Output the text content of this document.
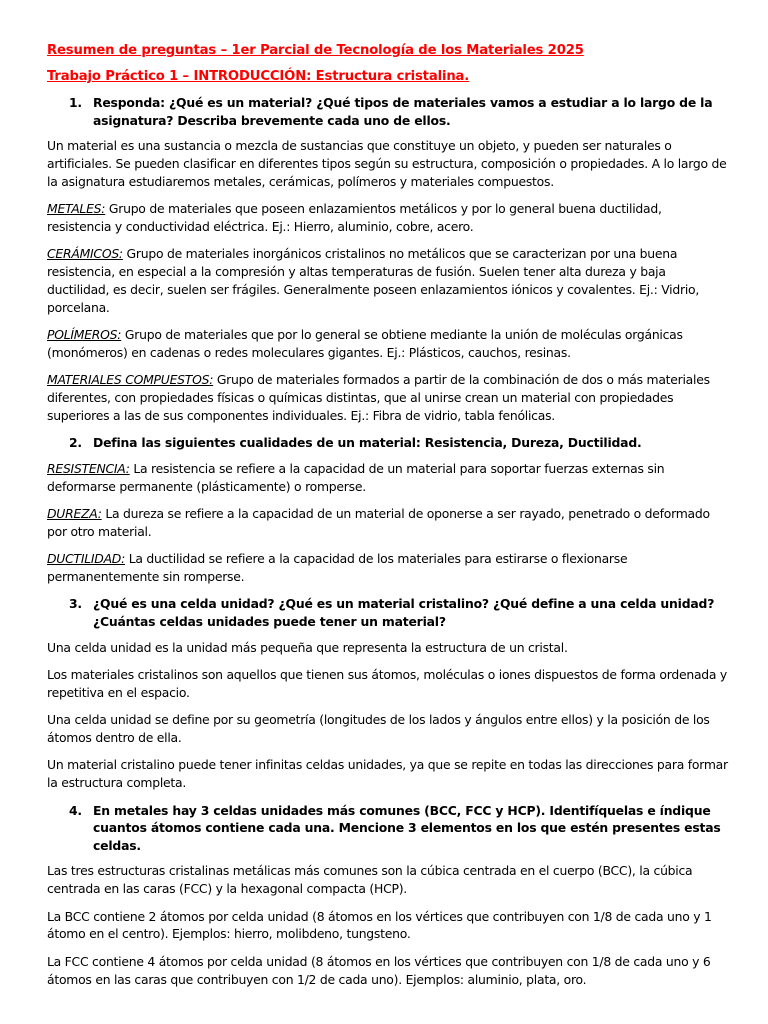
Resumen de preguntas – 1er Parcial de Tecnología de los Materiales 2025
Trabajo Práctico 1 – INTRODUCCIÓN: Estructura cristalina.
1. Responda: ¿Qué es un material? ¿Qué tipos de materiales vamos a estudiar a lo largo de la asignatura? Describa brevemente cada uno de ellos.

Un material es una sustancia o mezcla de sustancias que constituye un objeto, y pueden ser naturales o artificiales. Se pueden clasificar en diferentes tipos según su estructura, composición o propiedades. A lo largo de la asignatura estudiaremos metales, cerámicas, polímeros y materiales compuestos.

METALES: Grupo de materiales que poseen enlazamientos metálicos y por lo general buena ductilidad, resistencia y conductividad eléctrica. Ej.: Hierro, aluminio, cobre, acero.

CERÁMICOS: Grupo de materiales inorgánicos cristalinos no metálicos que se caracterizan por una buena resistencia, en especial a la compresión y altas temperaturas de fusión. Suelen tener alta dureza y baja ductilidad, es decir, suelen ser frágiles. Generalmente poseen enlazamientos iónicos y covalentes. Ej.: Vidrio, porcelana.

POLÍMEROS: Grupo de materiales que por lo general se obtiene mediante la unión de moléculas orgánicas (monómeros) en cadenas o redes moleculares gigantes. Ej.: Plásticos, cauchos, resinas.

MATERIALES COMPUESTOS: Grupo de materiales formados a partir de la combinación de dos o más materiales diferentes, con propiedades físicas o químicas distintas, que al unirse crean un material con propiedades superiores a las de sus componentes individuales. Ej.: Fibra de vidrio, tabla fenólicas.

2. Defina las siguientes cualidades de un material: Resistencia, Dureza, Ductilidad.

RESISTENCIA: La resistencia se refiere a la capacidad de un material para soportar fuerzas externas sin deformarse permanente (plásticamente) o romperse.

DUREZA: La dureza se refiere a la capacidad de un material de oponerse a ser rayado, penetrado o deformado por otro material.

DUCTILIDAD: La ductilidad se refiere a la capacidad de los materiales para estirarse o flexionarse permanentemente sin romperse.

3. ¿Qué es una celda unidad? ¿Qué es un material cristalino? ¿Qué define a una celda unidad? ¿Cuántas celdas unidades puede tener un material?

Una celda unidad es la unidad más pequeña que representa la estructura de un cristal.

Los materiales cristalinos son aquellos que tienen sus átomos, moléculas o iones dispuestos de forma ordenada y repetitiva en el espacio.

Una celda unidad se define por su geometría (longitudes de los lados y ángulos entre ellos) y la posición de los átomos dentro de ella.

Un material cristalino puede tener infinitas celdas unidades, ya que se repite en todas las direcciones para formar la estructura completa.

4. En metales hay 3 celdas unidades más comunes (BCC, FCC y HCP). Identifíquelas e índique cuantos átomos contiene cada una. Mencione 3 elementos en los que estén presentes estas celdas.

Las tres estructuras cristalinas metálicas más comunes son la cúbica centrada en el cuerpo (BCC), la cúbica centrada en las caras (FCC) y la hexagonal compacta (HCP).

La BCC contiene 2 átomos por celda unidad (8 átomos en los vértices que contribuyen con 1/8 de cada uno y 1 átomo en el centro). Ejemplos: hierro, molibdeno, tungsteno.

La FCC contiene 4 átomos por celda unidad (8 átomos en los vértices que contribuyen con 1/8 de cada uno y 6 átomos en las caras que contribuyen con 1/2 de cada uno). Ejemplos: aluminio, plata, oro.
